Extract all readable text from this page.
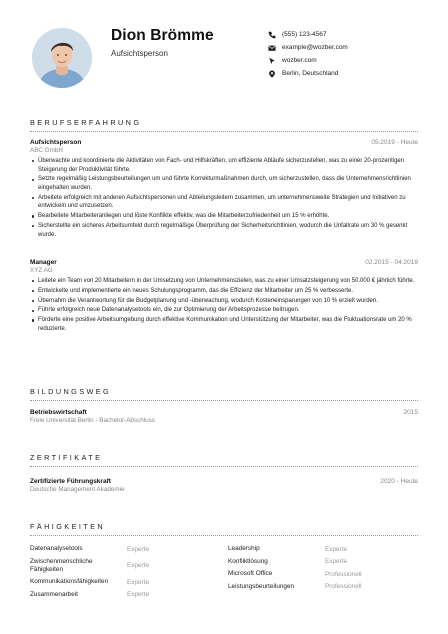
Dion Brömme
Aufsichtsperson
(555) 123-4567
example@wozber.com
wozber.com
Berlin, Deutschland
BERUFSERFAHRUNG
Aufsichtsperson	05.2019 - Heute
ABC GmbH
Überwachte und koordinierte die Aktivitäten von Fach- und Hilfskräften, um effiziente Abläufe sicherzustellen, was zu einer 20-prozentigen Steigerung der Produktivität führte.
Setzte regelmäßig Leistungsbeurteilungen um und führte Korrekturmaßnahmen durch, um sicherzustellen, dass die Unternehmensrichtlinien eingehalten wurden.
Arbeitete erfolgreich mit anderen Aufsichtspersonen und Abteilungsleitern zusammen, um unternehmensweite Strategien und Initiativen zu entwickeln und umzusetzen.
Bearbeitete Mitarbeiteranliegen und löste Konflikte effektiv, was die Mitarbeiterzufriedenheit um 15 % erhöhte.
Sicherstellte ein sicheres Arbeitsumfeld durch regelmäßige Überprüfung der Sicherheitsrichtlinien, wodurch die Unfallrate um 30 % gesenkt wurde.
Manager	02.2015 - 04.2019
XYZ AG
Leitete ein Team von 20 Mitarbeitern in der Umsetzung von Unternehmenszielen, was zu einer Umsatzsteigerung von 50.000 € jährlich führte.
Entwickelte und implementierte ein neues Schulungsprogramm, das die Effizienz der Mitarbeiter um 25 % verbesserte.
Übernahm die Verantwortung für die Budgetplanung und -überwachung, wodurch Kosteneinsparungen von 10 % erzielt wurden.
Führte erfolgreich neue Datenanalysetools ein, die zur Optimierung der Arbeitsprozesse beitrugen.
Förderte eine positive Arbeitsumgebung durch effektive Kommunikation und Unterstützung der Mitarbeiter, was die Fluktuationsrate um 20 % reduzierte.
BILDUNGSWEG
Betriebswirtschaft	2015
Freie Universität Berlin - Bachelor-Abschluss
ZERTIFIKATE
Zertifizierte Führungskraft	2020 - Heute
Deutsche Management Akademie
FÄHIGKEITEN
Datenanalysetools	Experte
Zwischenmenschliche Fähigkeiten	Experte
Kommunikationsfähigkeiten	Experte
Zusammenarbeit	Experte
Leadership	Experte
Konfliktlösung	Experte
Microsoft Office	Professionell
Leistungsbeurteilungen	Professionell
